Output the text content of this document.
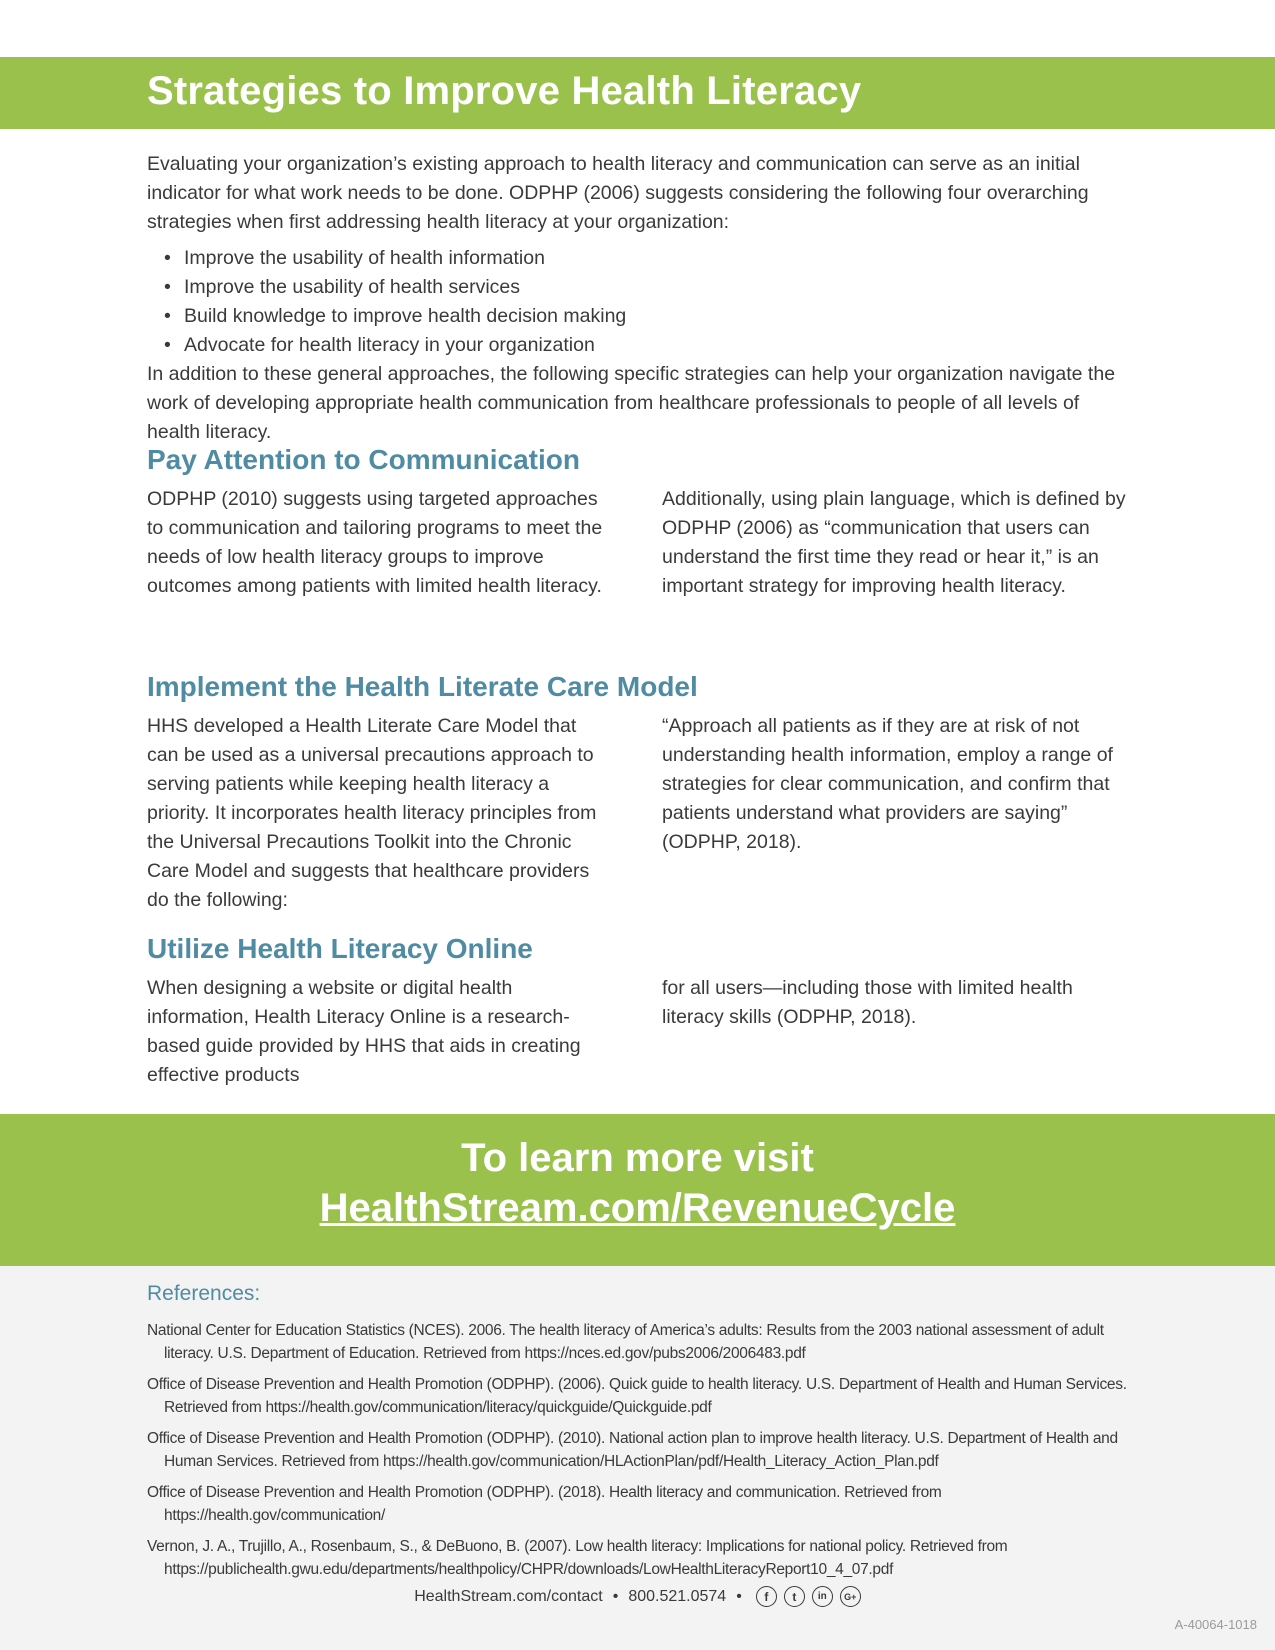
Strategies to Improve Health Literacy

Evaluating your organization’s existing approach to health literacy and communication can serve as an initial indicator for what work needs to be done. ODPHP (2006) suggests considering the following four overarching strategies when first addressing health literacy at your organization:

• Improve the usability of health information
• Improve the usability of health services
• Build knowledge to improve health decision making
• Advocate for health literacy in your organization

In addition to these general approaches, the following specific strategies can help your organization navigate the work of developing appropriate health communication from healthcare professionals to people of all levels of health literacy.

Pay Attention to Communication
ODPHP (2010) suggests using targeted approaches to communication and tailoring programs to meet the needs of low health literacy groups to improve outcomes among patients with limited health literacy.
Additionally, using plain language, which is defined by ODPHP (2006) as “communication that users can understand the first time they read or hear it,” is an important strategy for improving health literacy.
Implement the Health Literate Care Model
HHS developed a Health Literate Care Model that can be used as a universal precautions approach to serving patients while keeping health literacy a priority. It incorporates health literacy principles from the Universal Precautions Toolkit into the Chronic Care Model and suggests that healthcare providers do the following:
“Approach all patients as if they are at risk of not understanding health information, employ a range of strategies for clear communication, and confirm that patients understand what providers are saying” (ODPHP, 2018).
Utilize Health Literacy Online
When designing a website or digital health information, Health Literacy Online is a research-based guide provided by HHS that aids in creating effective products
for all users—including those with limited health literacy skills (ODPHP, 2018).
To learn more visit
HealthStream.com/RevenueCycle
References:
National Center for Education Statistics (NCES). 2006. The health literacy of America’s adults: Results from the 2003 national assessment of adult literacy. U.S. Department of Education. Retrieved from https://nces.ed.gov/pubs2006/2006483.pdf
Office of Disease Prevention and Health Promotion (ODPHP). (2006). Quick guide to health literacy. U.S. Department of Health and Human Services. Retrieved from https://health.gov/communication/literacy/quickguide/Quickguide.pdf
Office of Disease Prevention and Health Promotion (ODPHP). (2010). National action plan to improve health literacy. U.S. Department of Health and Human Services. Retrieved from https://health.gov/communication/HLActionPlan/pdf/Health_Literacy_Action_Plan.pdf
Office of Disease Prevention and Health Promotion (ODPHP). (2018). Health literacy and communication. Retrieved from https://health.gov/communication/
Vernon, J. A., Trujillo, A., Rosenbaum, S., & DeBuono, B. (2007). Low health literacy: Implications for national policy. Retrieved from https://publichealth.gwu.edu/departments/healthpolicy/CHPR/downloads/LowHealthLiteracyReport10_4_07.pdf
HealthStream.com/contact • 800.521.0574 •	f	t	in	G+
A-40064-1018
